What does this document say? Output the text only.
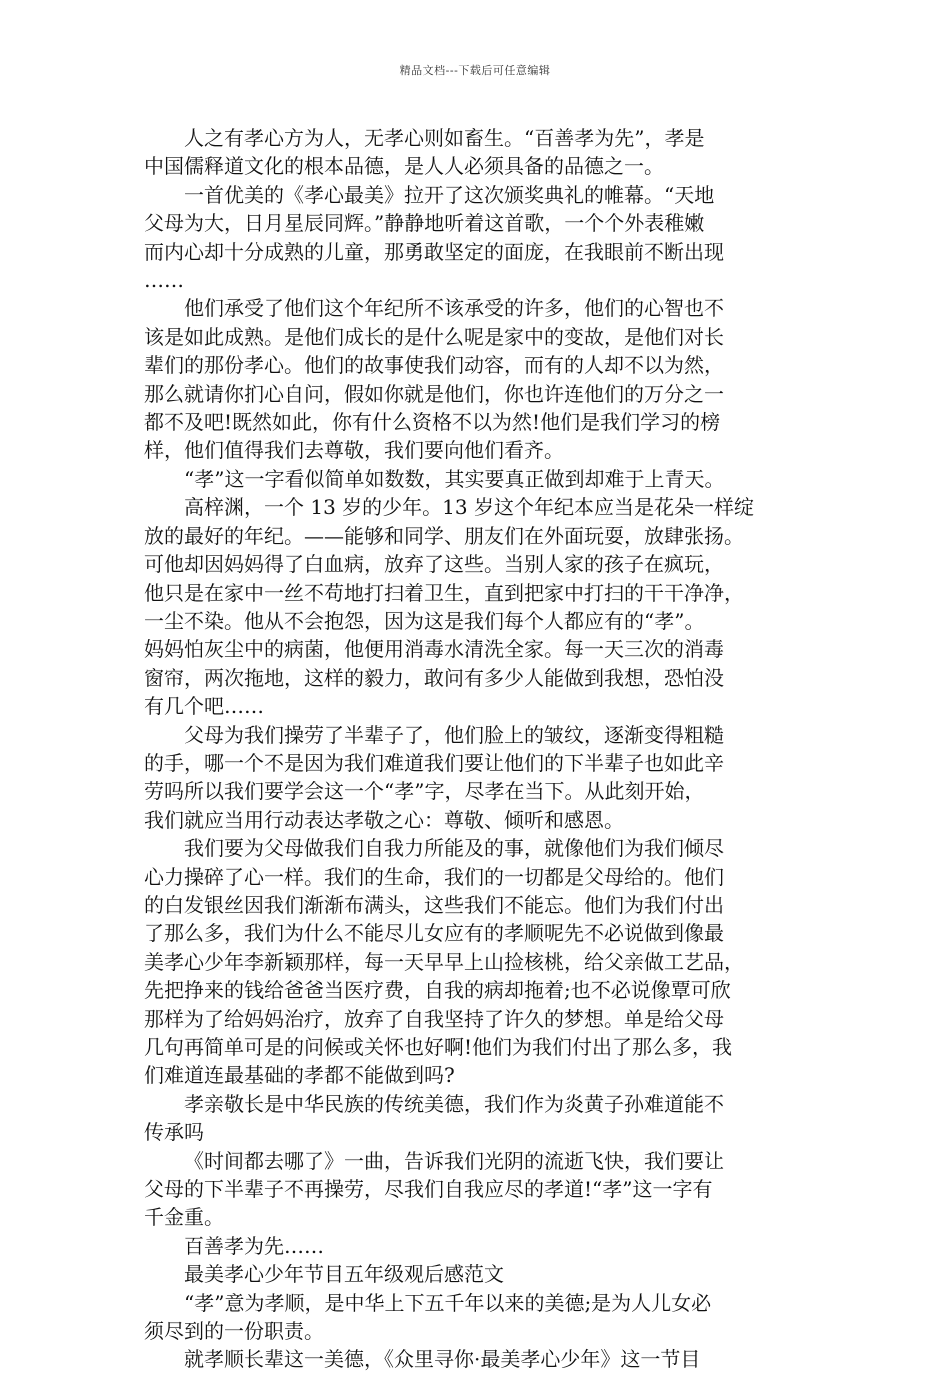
精品文档---下载后可任意编辑
人之有孝心方为人，无孝心则如畜生。“百善孝为先”，孝是
中国儒释道文化的根本品德，是人人必须具备的品德之一。
一首优美的《孝心最美》拉开了这次颁奖典礼的帷幕。“天地
父母为大，日月星辰同辉。”静静地听着这首歌，一个个外表稚嫩
而内心却十分成熟的儿童，那勇敢坚定的面庞，在我眼前不断出现
……
他们承受了他们这个年纪所不该承受的许多，他们的心智也不
该是如此成熟。是他们成长的是什么呢是家中的变故，是他们对长
辈们的那份孝心。他们的故事使我们动容，而有的人却不以为然，
那么就请你扪心自问，假如你就是他们，你也许连他们的万分之一
都不及吧!既然如此，你有什么资格不以为然!他们是我们学习的榜
样，他们值得我们去尊敬，我们要向他们看齐。
“孝”这一字看似简单如数数，其实要真正做到却难于上青天。
高梓渊，一个 13 岁的少年。13 岁这个年纪本应当是花朵一样绽
放的最好的年纪。——能够和同学、朋友们在外面玩耍，放肆张扬。
可他却因妈妈得了白血病，放弃了这些。当别人家的孩子在疯玩，
他只是在家中一丝不苟地打扫着卫生，直到把家中打扫的干干净净，
一尘不染。他从不会抱怨，因为这是我们每个人都应有的“孝”。
妈妈怕灰尘中的病菌，他便用消毒水清洗全家。每一天三次的消毒
窗帘，两次拖地，这样的毅力，敢问有多少人能做到我想，恐怕没
有几个吧……
父母为我们操劳了半辈子了，他们脸上的皱纹，逐渐变得粗糙
的手，哪一个不是因为我们难道我们要让他们的下半辈子也如此辛
劳吗所以我们要学会这一个“孝”字，尽孝在当下。从此刻开始，
我们就应当用行动表达孝敬之心：尊敬、倾听和感恩。
我们要为父母做我们自我力所能及的事，就像他们为我们倾尽
心力操碎了心一样。我们的生命，我们的一切都是父母给的。他们
的白发银丝因我们渐渐布满头，这些我们不能忘。他们为我们付出
了那么多，我们为什么不能尽儿女应有的孝顺呢先不必说做到像最
美孝心少年李新颖那样，每一天早早上山捡核桃，给父亲做工艺品，
先把挣来的钱给爸爸当医疗费，自我的病却拖着;也不必说像覃可欣
那样为了给妈妈治疗，放弃了自我坚持了许久的梦想。单是给父母
几句再简单可是的问候或关怀也好啊!他们为我们付出了那么多，我
们难道连最基础的孝都不能做到吗?
孝亲敬长是中华民族的传统美德，我们作为炎黄子孙难道能不
传承吗
《时间都去哪了》一曲，告诉我们光阴的流逝飞快，我们要让
父母的下半辈子不再操劳，尽我们自我应尽的孝道!“孝”这一字有
千金重。
百善孝为先……
最美孝心少年节目五年级观后感范文
“孝”意为孝顺，是中华上下五千年以来的美德;是为人儿女必
须尽到的一份职责。
就孝顺长辈这一美德，《众里寻你·最美孝心少年》这一节目
